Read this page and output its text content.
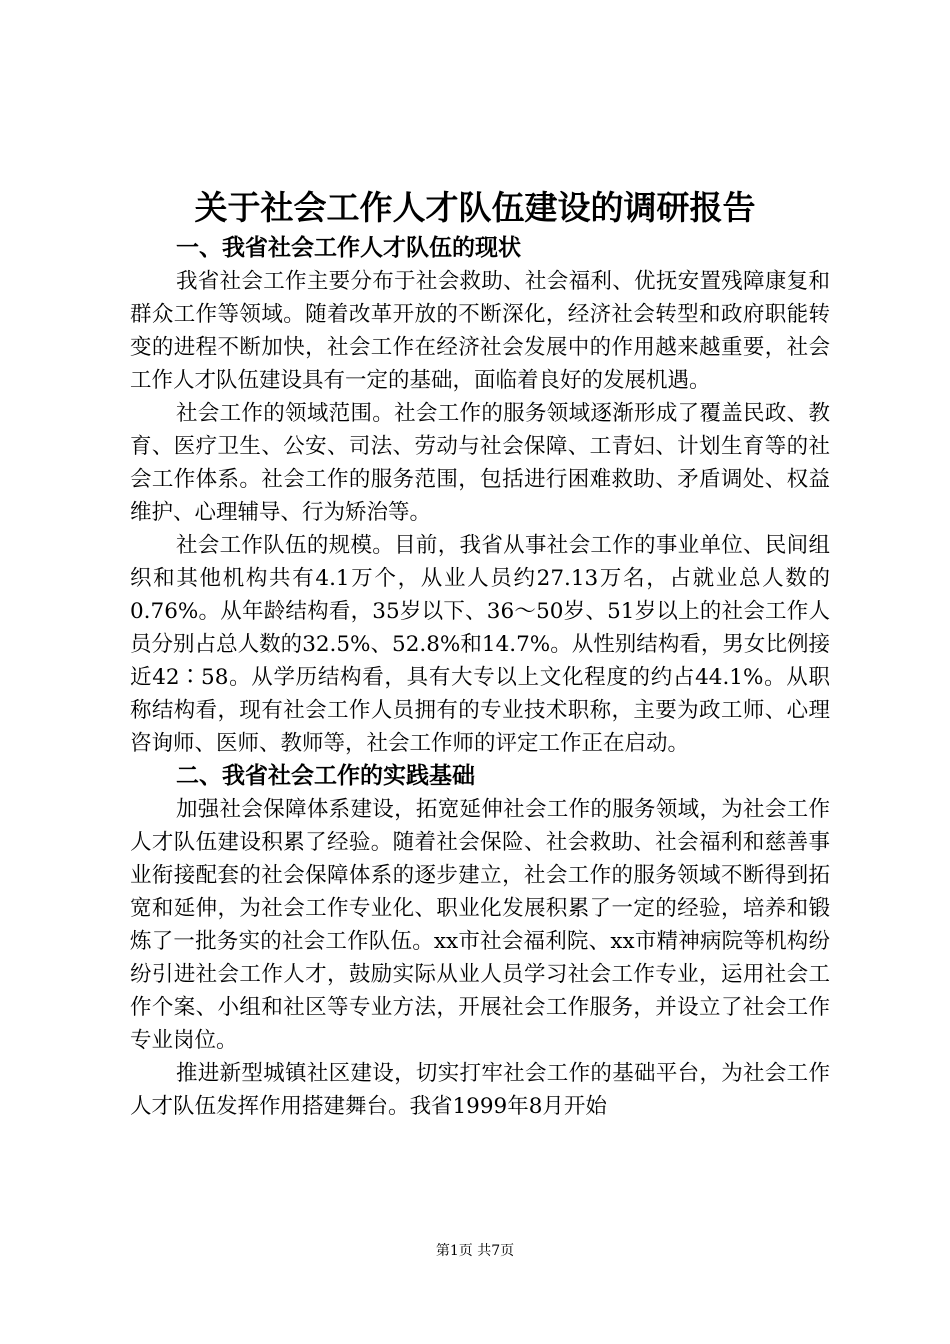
关于社会工作人才队伍建设的调研报告

一、我省社会工作人才队伍的现状

我省社会工作主要分布于社会救助、社会福利、优抚安置残障康复和群众工作等领域。随着改革开放的不断深化，经济社会转型和政府职能转变的进程不断加快，社会工作在经济社会发展中的作用越来越重要，社会工作人才队伍建设具有一定的基础，面临着良好的发展机遇。

社会工作的领域范围。社会工作的服务领域逐渐形成了覆盖民政、教育、医疗卫生、公安、司法、劳动与社会保障、工青妇、计划生育等的社会工作体系。社会工作的服务范围，包括进行困难救助、矛盾调处、权益维护、心理辅导、行为矫治等。

社会工作队伍的规模。目前，我省从事社会工作的事业单位、民间组织和其他机构共有4.1万个，从业人员约27.13万名，占就业总人数的0.76%。从年龄结构看，35岁以下、36～50岁、51岁以上的社会工作人员分别占总人数的32.5%、52.8%和14.7%。从性别结构看，男女比例接近42∶58。从学历结构看，具有大专以上文化程度的约占44.1%。从职称结构看，现有社会工作人员拥有的专业技术职称，主要为政工师、心理咨询师、医师、教师等，社会工作师的评定工作正在启动。

二、我省社会工作的实践基础

加强社会保障体系建设，拓宽延伸社会工作的服务领域，为社会工作人才队伍建设积累了经验。随着社会保险、社会救助、社会福利和慈善事业衔接配套的社会保障体系的逐步建立，社会工作的服务领域不断得到拓宽和延伸，为社会工作专业化、职业化发展积累了一定的经验，培养和锻炼了一批务实的社会工作队伍。xx市社会福利院、xx市精神病院等机构纷纷引进社会工作人才，鼓励实际从业人员学习社会工作专业，运用社会工作个案、小组和社区等专业方法，开展社会工作服务，并设立了社会工作专业岗位。

推进新型城镇社区建设，切实打牢社会工作的基础平台，为社会工作人才队伍发挥作用搭建舞台。我省1999年8月开始

第1页 共7页
